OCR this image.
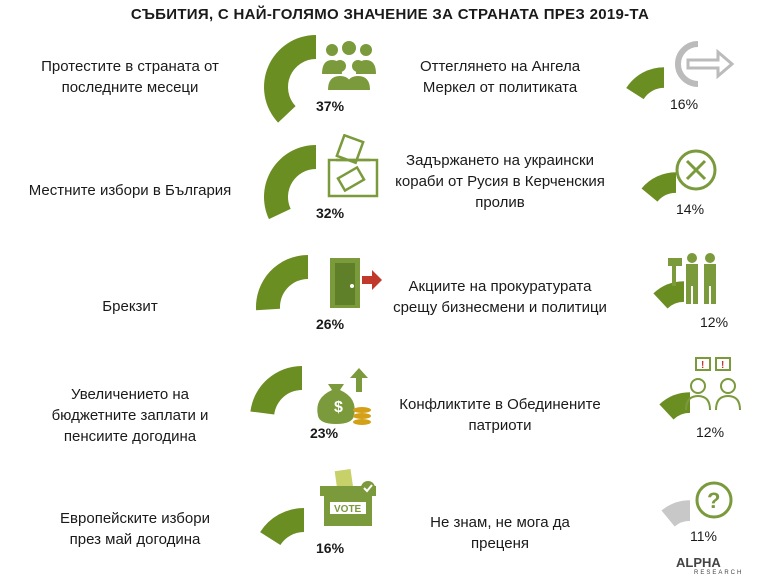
СЪБИТИЯ, С НАЙ-ГОЛЯМО ЗНАЧЕНИЕ ЗА СТРАНАТА ПРЕЗ 2019-ТА
Протестите в страната от последните месеци
Местните избори в България
Брекзит
Увеличението на бюджетните заплати и пенсиите догодина
Европейските избори през май догодина
Оттеглянето на Ангела Меркел от политиката
Задържането на украински кораби от Русия в Керченския пролив
Акциите на прокуратурата срещу бизнесмени и политици
Конфликтите в Обединените патриоти
Не знам, не мога да преценя
37%
32%
26%
23%
16%
16%
14%
12%
12%
11%
$
VOTE
! !
?
ALPHA
RESEARCH
